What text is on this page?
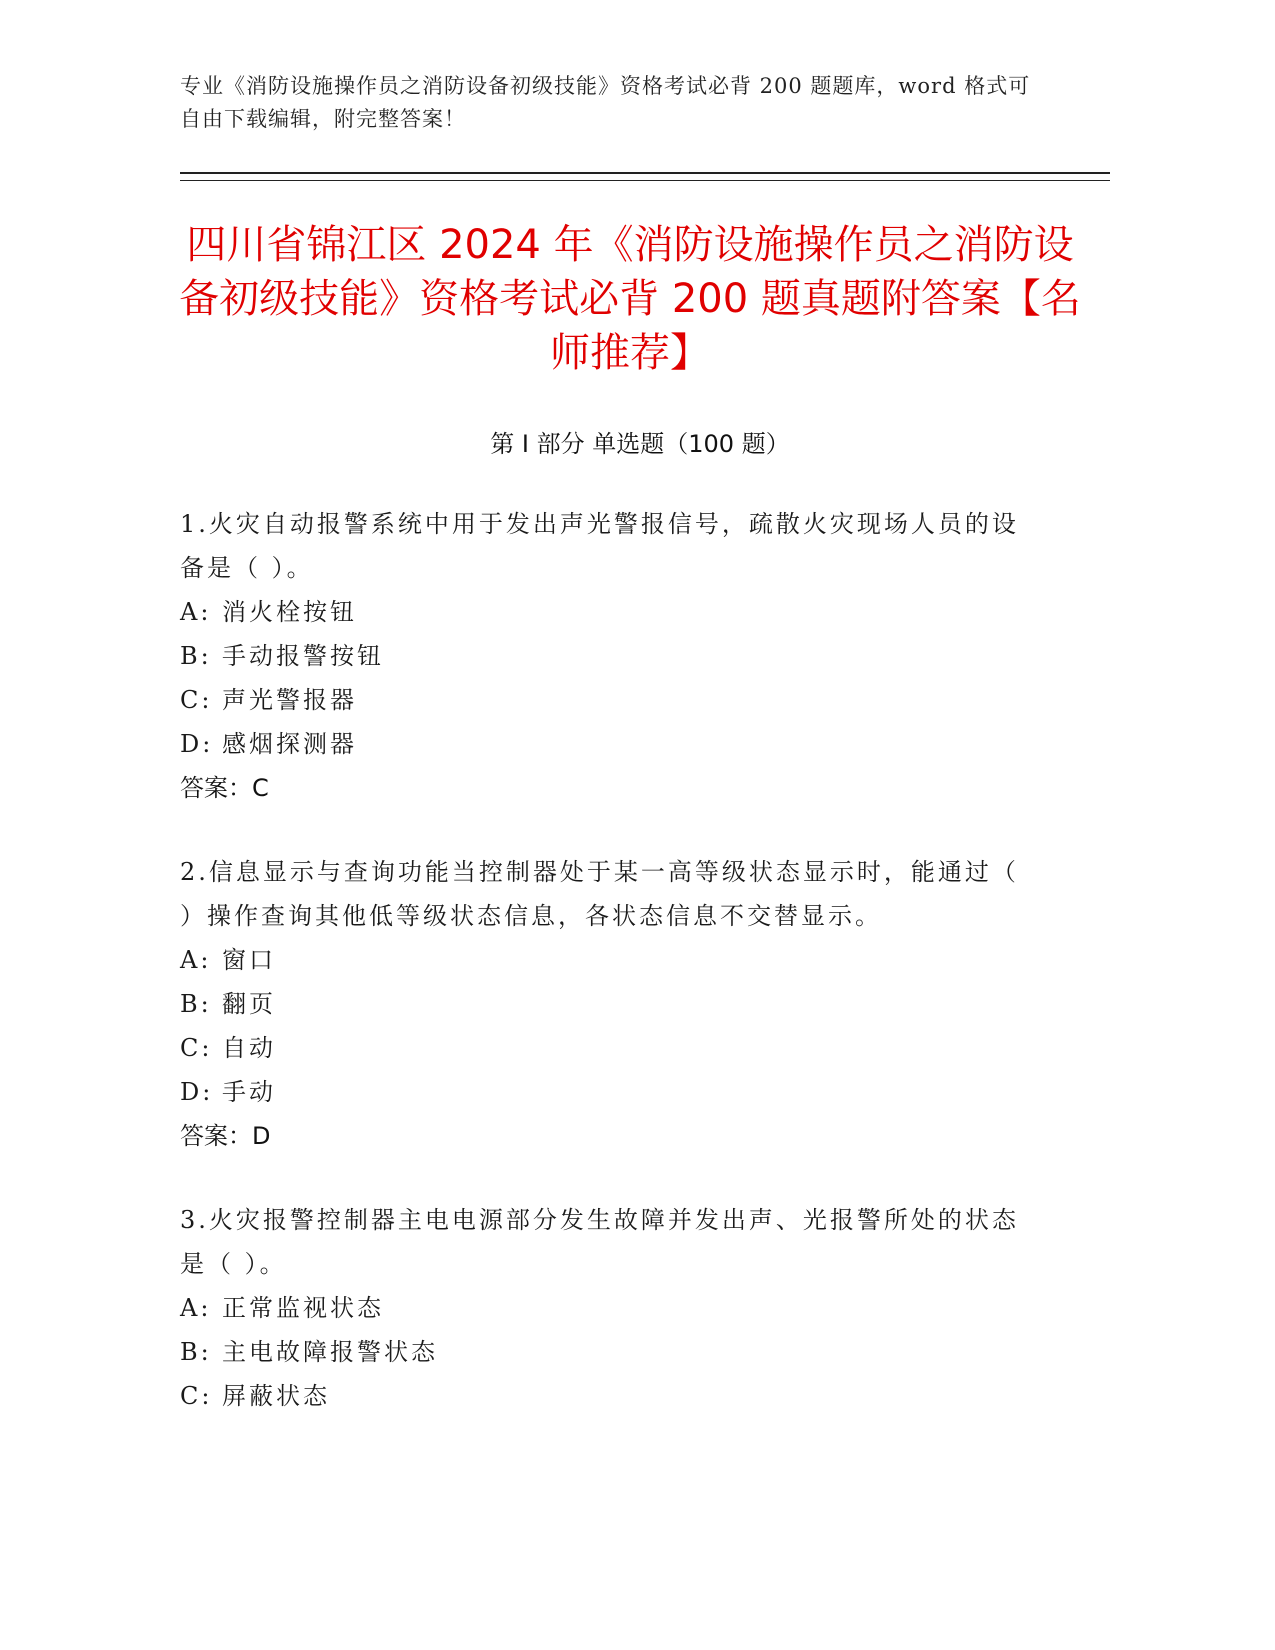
专业《消防设施操作员之消防设备初级技能》资格考试必背 200 题题库，word 格式可自由下载编辑，附完整答案！
四川省锦江区 2024 年《消防设施操作员之消防设备初级技能》资格考试必背 200 题真题附答案【名师推荐】
第 I 部分 单选题（100 题）

1.火灾自动报警系统中用于发出声光警报信号，疏散火灾现场人员的设备是（ ）。

A: 消火栓按钮

B: 手动报警按钮

C: 声光警报器

D: 感烟探测器

答案：C

2.信息显示与查询功能当控制器处于某一高等级状态显示时，能通过（ ）操作查询其他低等级状态信息，各状态信息不交替显示。

A: 窗口

B: 翻页

C: 自动

D: 手动

答案：D

3.火灾报警控制器主电电源部分发生故障并发出声、光报警所处的状态是（ ）。

A: 正常监视状态

B: 主电故障报警状态

C: 屏蔽状态
